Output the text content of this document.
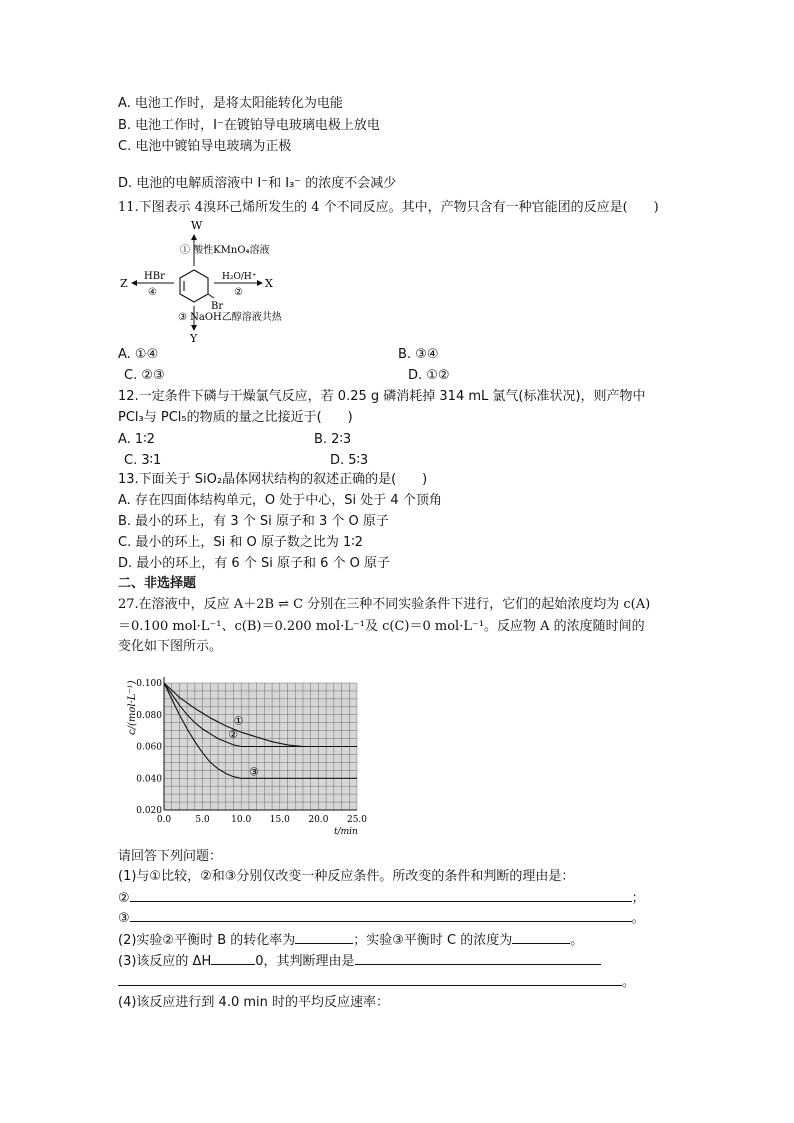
A. 电池工作时，是将太阳能转化为电能
B. 电池工作时，I⁻在镀铂导电玻璃电极上放电
C. 电池中镀铂导电玻璃为正极
D. 电池的电解质溶液中 I⁻和 I₃⁻ 的浓度不会减少
11.下图表示 4溴环己烯所发生的 4 个不同反应。其中，产物只含有一种官能团的反应是(　　)
W
① 酸性KMnO₄溶液
Br
Z
HBr
④
X
H₂O/H⁺
②
③ NaOH乙醇溶液共热
Y
A. ①④	B. ③④
C. ②③	D. ①②
12.一定条件下磷与干燥氯气反应，若 0.25 g 磷消耗掉 314 mL 氯气(标准状况)，则产物中
PCl₃与 PCl₅的物质的量之比接近于(　　)
A. 1∶2	B. 2∶3
C. 3∶1	D. 5∶3
13.下面关于 SiO₂晶体网状结构的叙述正确的是(　　)
A. 存在四面体结构单元，O 处于中心，Si 处于 4 个顶角
B. 最小的环上，有 3 个 Si 原子和 3 个 O 原子
C. 最小的环上，Si 和 O 原子数之比为 1∶2
D. 最小的环上，有 6 个 Si 原子和 6 个 O 原子
二、非选择题
27.在溶液中，反应 A＋2B ⇌ C 分别在三种不同实验条件下进行，它们的起始浓度均为 c(A)
＝0.100 mol·L⁻¹、c(B)＝0.200 mol·L⁻¹及 c(C)＝0 mol·L⁻¹。反应物 A 的浓度随时间的
变化如下图所示。
0.0	5.0 10.0 15.0 20.0 25.0
0.020
0.040
0.060
0.080
0.100
①
②
③
c/(mol·L⁻¹)
t/min
请回答下列问题：
(1)与①比较，②和③分别仅改变一种反应条件。所改变的条件和判断的理由是：
②	；
③	。
(2)实验②平衡时 B 的转化率为	；实验③平衡时 C 的浓度为	。
(3)该反应的 ΔH	0，其判断理由是
。
(4)该反应进行到 4.0 min 时的平均反应速率：
